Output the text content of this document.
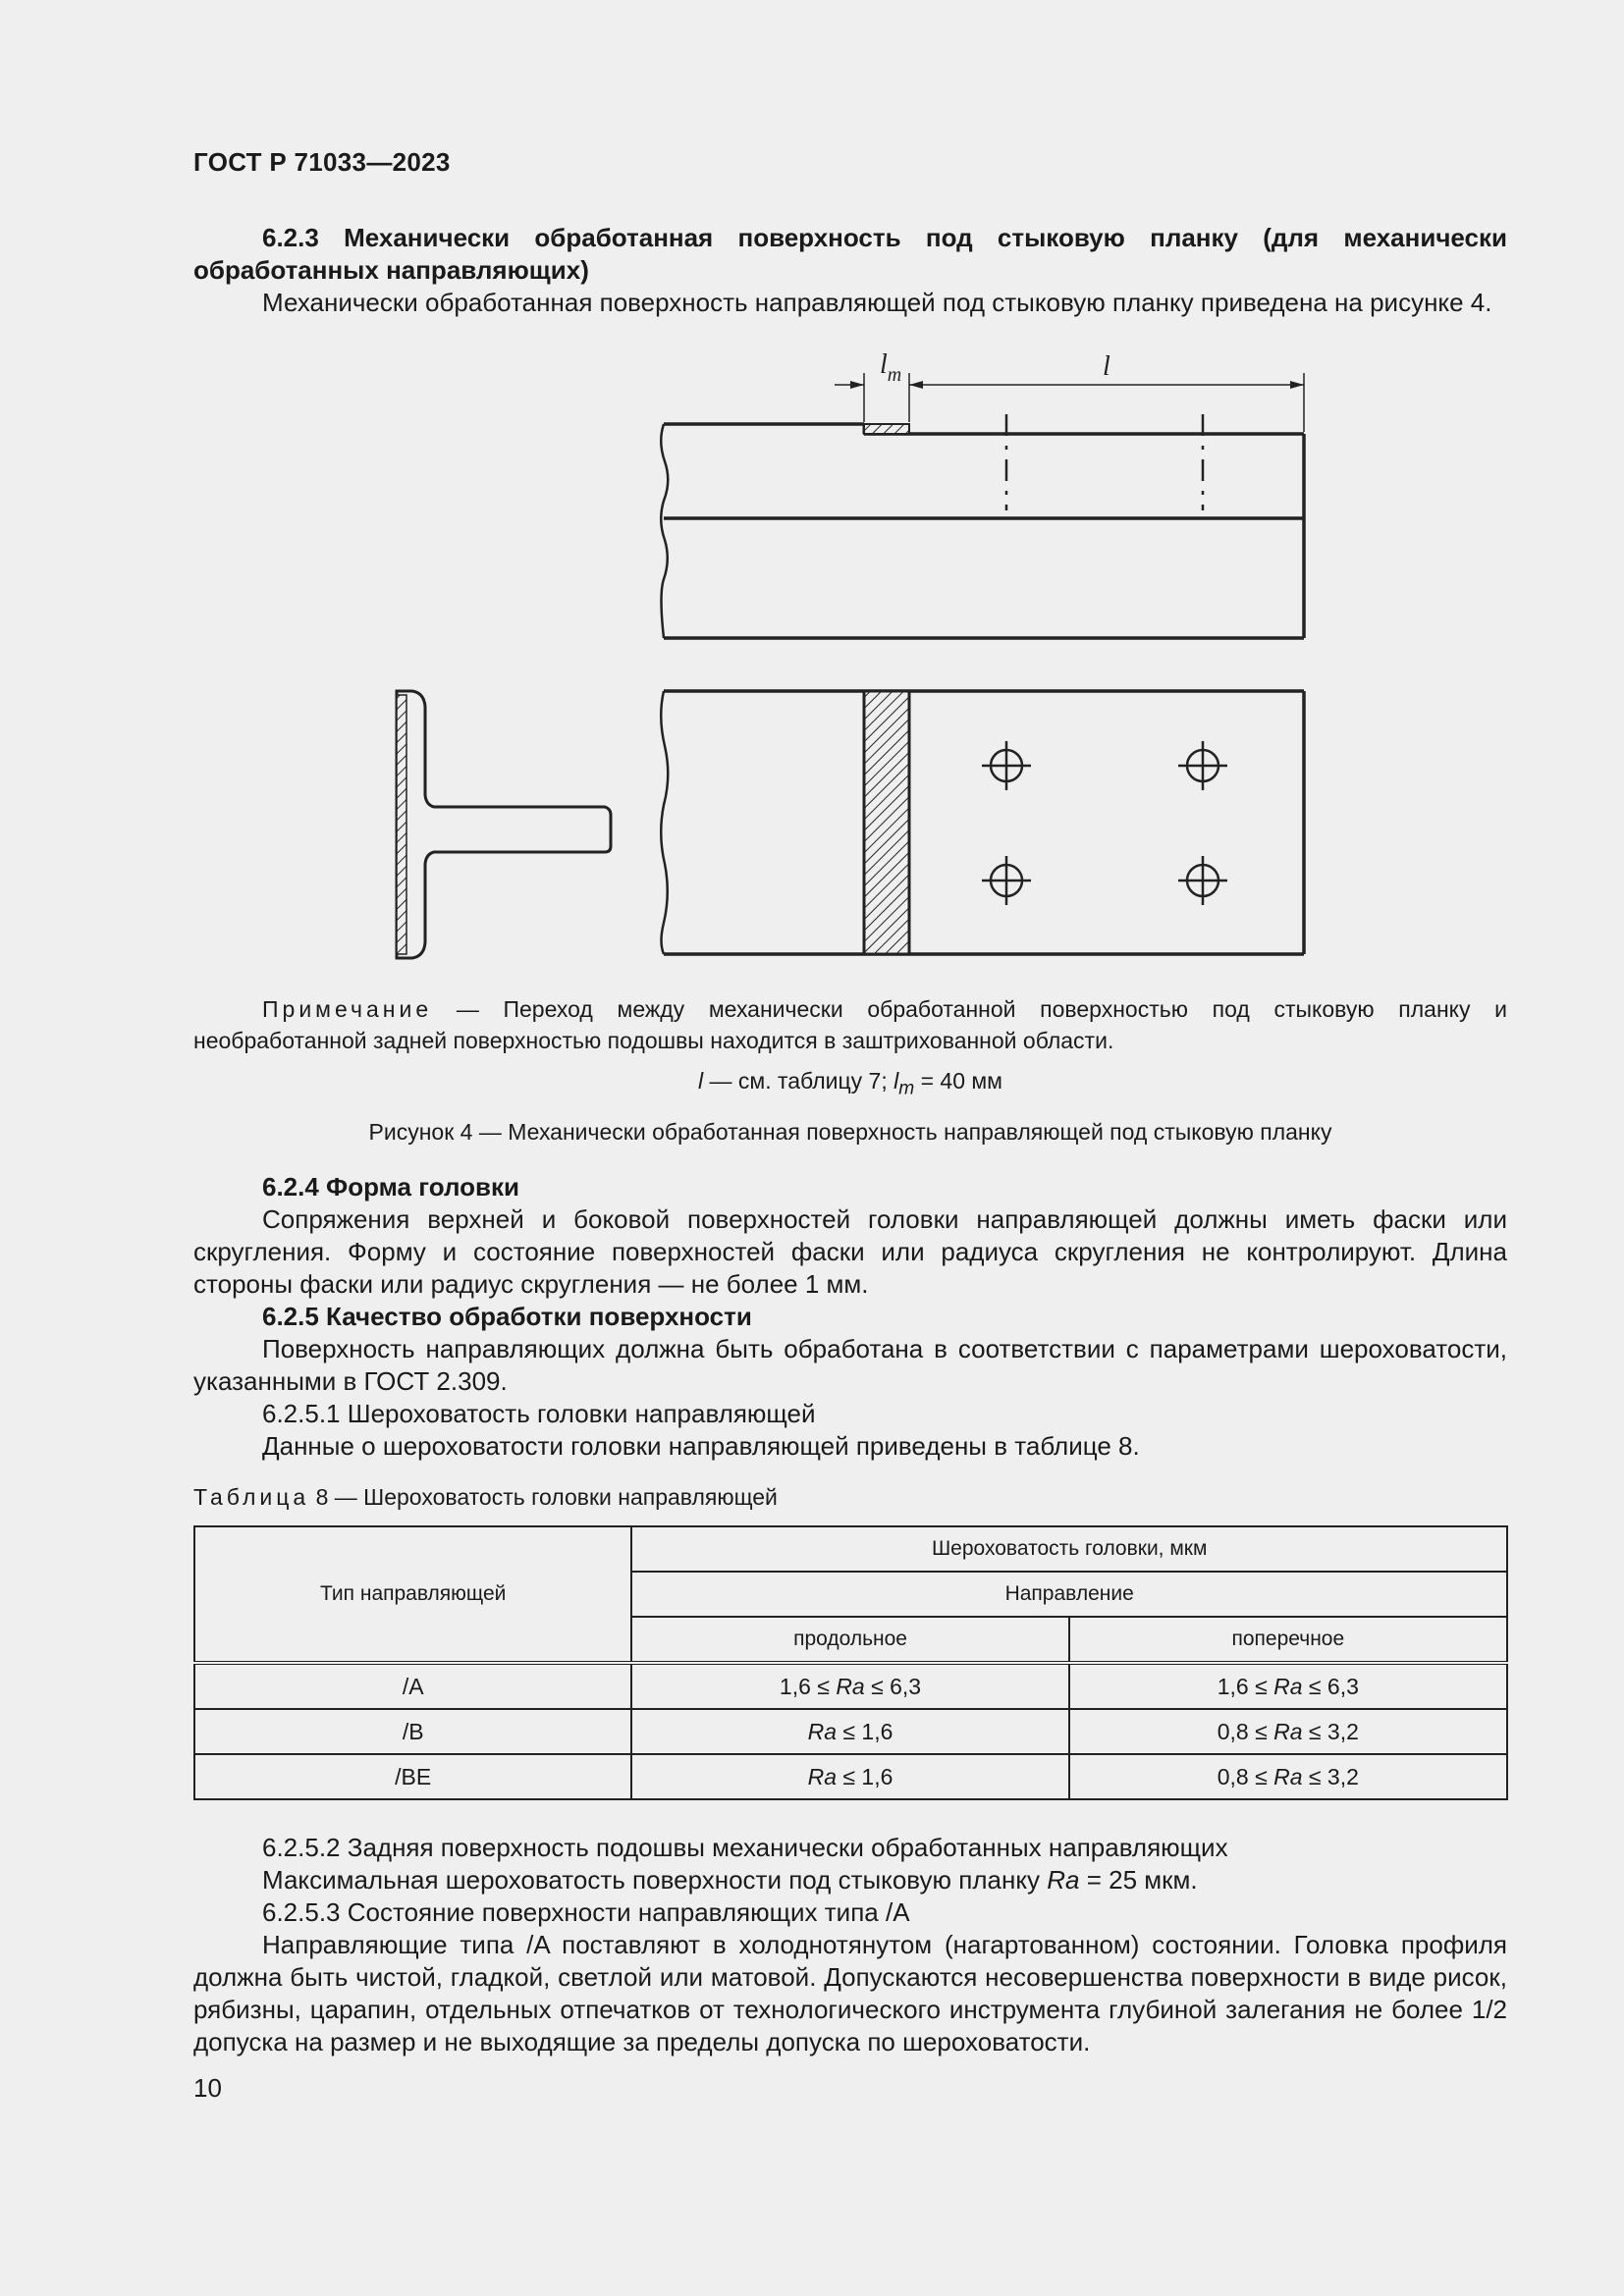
ГОСТ Р 71033—2023

6.2.3 Механически обработанная поверхность под стыковую планку (для механически обработанных направляющих)

Механически обработанная поверхность направляющей под стыковую планку приведена на рисунке 4.

$l_m$	l

Примечание — Переход между механически обработанной поверхностью под стыковую планку и необработанной задней поверхностью подошвы находится в заштрихованной области.

l — см. таблицу 7; $l_m = 40$ мм
Рисунок 4 — Механически обработанная поверхность направляющей под стыковую планку

6.2.4 Форма головки

Сопряжения верхней и боковой поверхностей головки направляющей должны иметь фаски или скругления. Форму и состояние поверхностей фаски или радиуса скругления не контролируют. Длина стороны фаски или радиус скругления — не более 1 мм.

6.2.5 Качество обработки поверхности

Поверхность направляющих должна быть обработана в соответствии с параметрами шероховатости, указанными в ГОСТ 2.309.

6.2.5.1 Шероховатость головки направляющей

Данные о шероховатости головки направляющей приведены в таблице 8.

Таблица 8 — Шероховатость головки направляющей
Тип направляющей	Шероховатость головки, мкм	
	Направление	
	продольное	поперечное
/A	1,6 ≤ Ra ≤ 6,3	1,6 ≤ Ra ≤ 6,3
/B	Ra ≤ 1,6	0,8 ≤ Ra ≤ 3,2
/BE	Ra ≤ 1,6	0,8 ≤ Ra ≤ 3,2

6.2.5.2 Задняя поверхность подошвы механически обработанных направляющих

Максимальная шероховатость поверхности под стыковую планку Ra = 25 мкм.

6.2.5.3 Состояние поверхности направляющих типа /A

Направляющие типа /A поставляют в холоднотянутом (нагартованном) состоянии. Головка профиля должна быть чистой, гладкой, светлой или матовой. Допускаются несовершенства поверхности в виде рисок, рябизны, царапин, отдельных отпечатков от технологического инструмента глубиной залегания не более 1/2 допуска на размер и не выходящие за пределы допуска по шероховатости.

10
